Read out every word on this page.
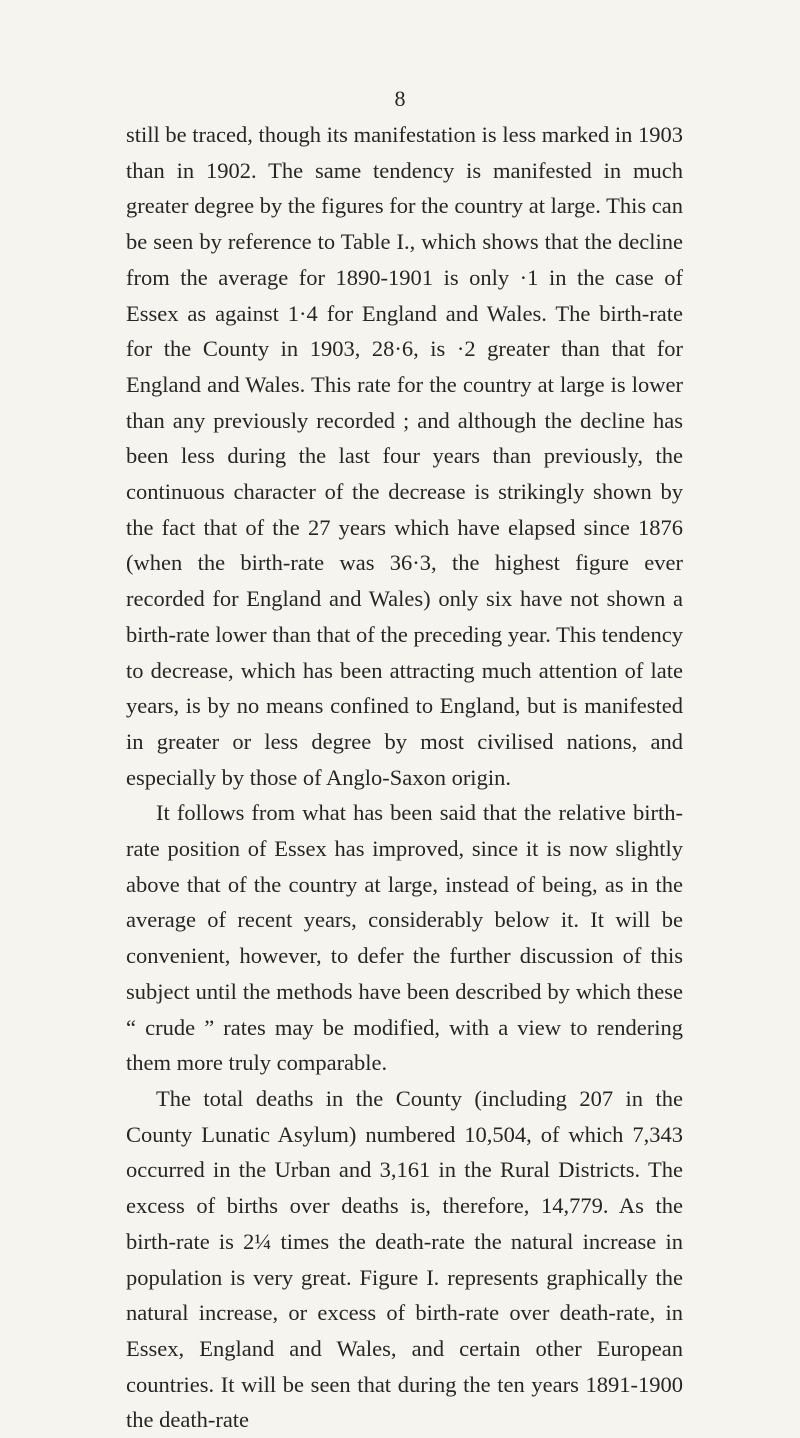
8

still be traced, though its manifestation is less marked in 1903 than in 1902. The same tendency is manifested in much greater degree by the figures for the country at large. This can be seen by reference to Table I., which shows that the decline from the average for 1890-1901 is only ·1 in the case of Essex as against 1·4 for England and Wales. The birth-rate for the County in 1903, 28·6, is ·2 greater than that for England and Wales. This rate for the country at large is lower than any previously recorded ; and although the decline has been less during the last four years than previously, the continuous character of the decrease is strikingly shown by the fact that of the 27 years which have elapsed since 1876 (when the birth-rate was 36·3, the highest figure ever recorded for England and Wales) only six have not shown a birth-rate lower than that of the preceding year. This tendency to decrease, which has been attracting much attention of late years, is by no means confined to England, but is manifested in greater or less degree by most civilised nations, and especially by those of Anglo-Saxon origin.

It follows from what has been said that the relative birth-rate position of Essex has improved, since it is now slightly above that of the country at large, instead of being, as in the average of recent years, considerably below it. It will be convenient, however, to defer the further discussion of this subject until the methods have been described by which these “ crude ” rates may be modified, with a view to rendering them more truly comparable.

The total deaths in the County (including 207 in the County Lunatic Asylum) numbered 10,504, of which 7,343 occurred in the Urban and 3,161 in the Rural Districts. The excess of births over deaths is, therefore, 14,779. As the birth-rate is 2¼ times the death-rate the natural increase in population is very great. Figure I. represents graphically the natural increase, or excess of birth-rate over death-rate, in Essex, England and Wales, and certain other European countries. It will be seen that during the ten years 1891-1900 the death-rate
